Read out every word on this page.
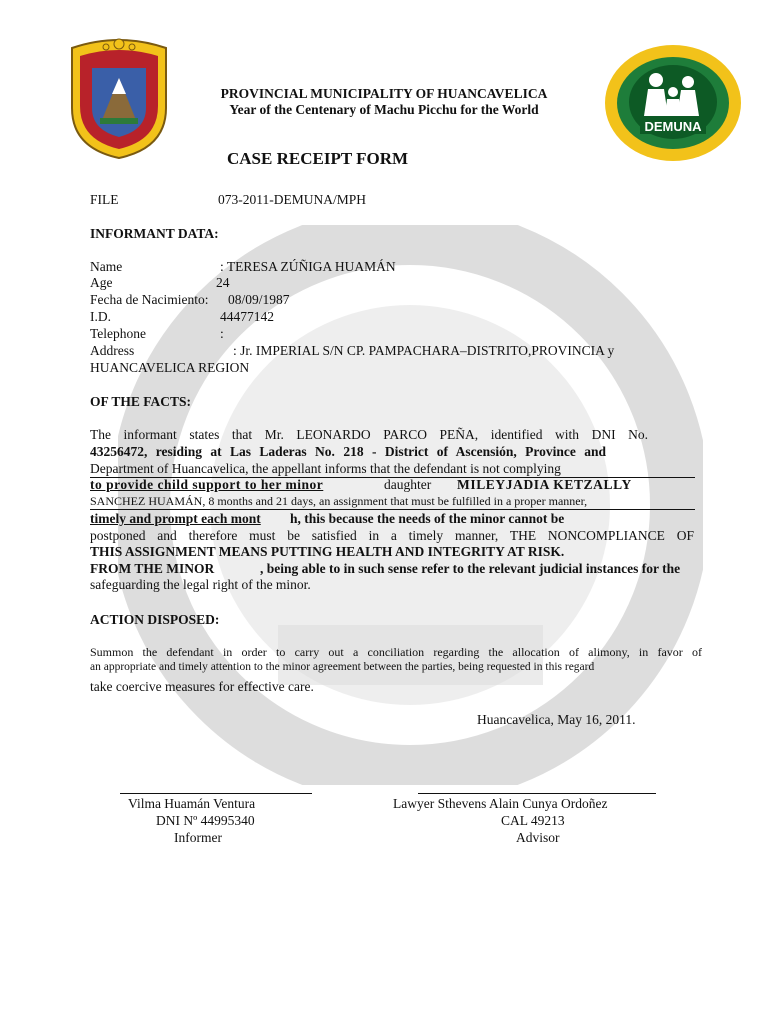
DEMUNA
PROVINCIAL MUNICIPALITY OF HUANCAVELICA
Year of the Centenary of Machu Picchu for the World
CASE RECEIPT FORM
FILE	073-2011-DEMUNA/MPH
INFORMANT DATA:
Name	: TERESA ZÚÑIGA HUAMÁN
Age	24
Fecha de Nacimiento: 08/09/1987
I.D.	44477142
Telephone	:
Address	: Jr. IMPERIAL S/N CP. PAMPACHARA–DISTRITO,PROVINCIA y
HUANCAVELICA REGION
OF THE FACTS:
The informant states that Mr. LEONARDO PARCO PEÑA, identified with DNI No.
43256472, residing at Las Laderas No. 218 - District of Ascensión, Province and
Department of Huancavelica, the appellant informs that the defendant is not complying
to provide child support to her minor	daughter MILEYJADIA KETZALLY
SANCHEZ HUAMÁN, 8 months and 21 days, an assignment that must be fulfilled in a proper manner,
timely and prompt each mont h, this because the needs of the minor cannot be
postponed and therefore must be satisfied in a timely manner, THE NONCOMPLIANCE OF
THIS ASSIGNMENT MEANS PUTTING HEALTH AND INTEGRITY AT RISK.
FROM THE MINOR	, being able to in such sense refer to the relevant judicial instances for the
safeguarding the legal right of the minor.
ACTION DISPOSED:
Summon the defendant in order to carry out a conciliation regarding the allocation of alimony, in favor of
an appropriate and timely attention to the minor agreement between the parties, being requested in this regard
take coercive measures for effective care.
Huancavelica, May 16, 2011.
Vilma Huamán Ventura
DNI Nº 44995340
Informer
Lawyer Sthevens Alain Cunya Ordoñez
CAL 49213
Advisor
